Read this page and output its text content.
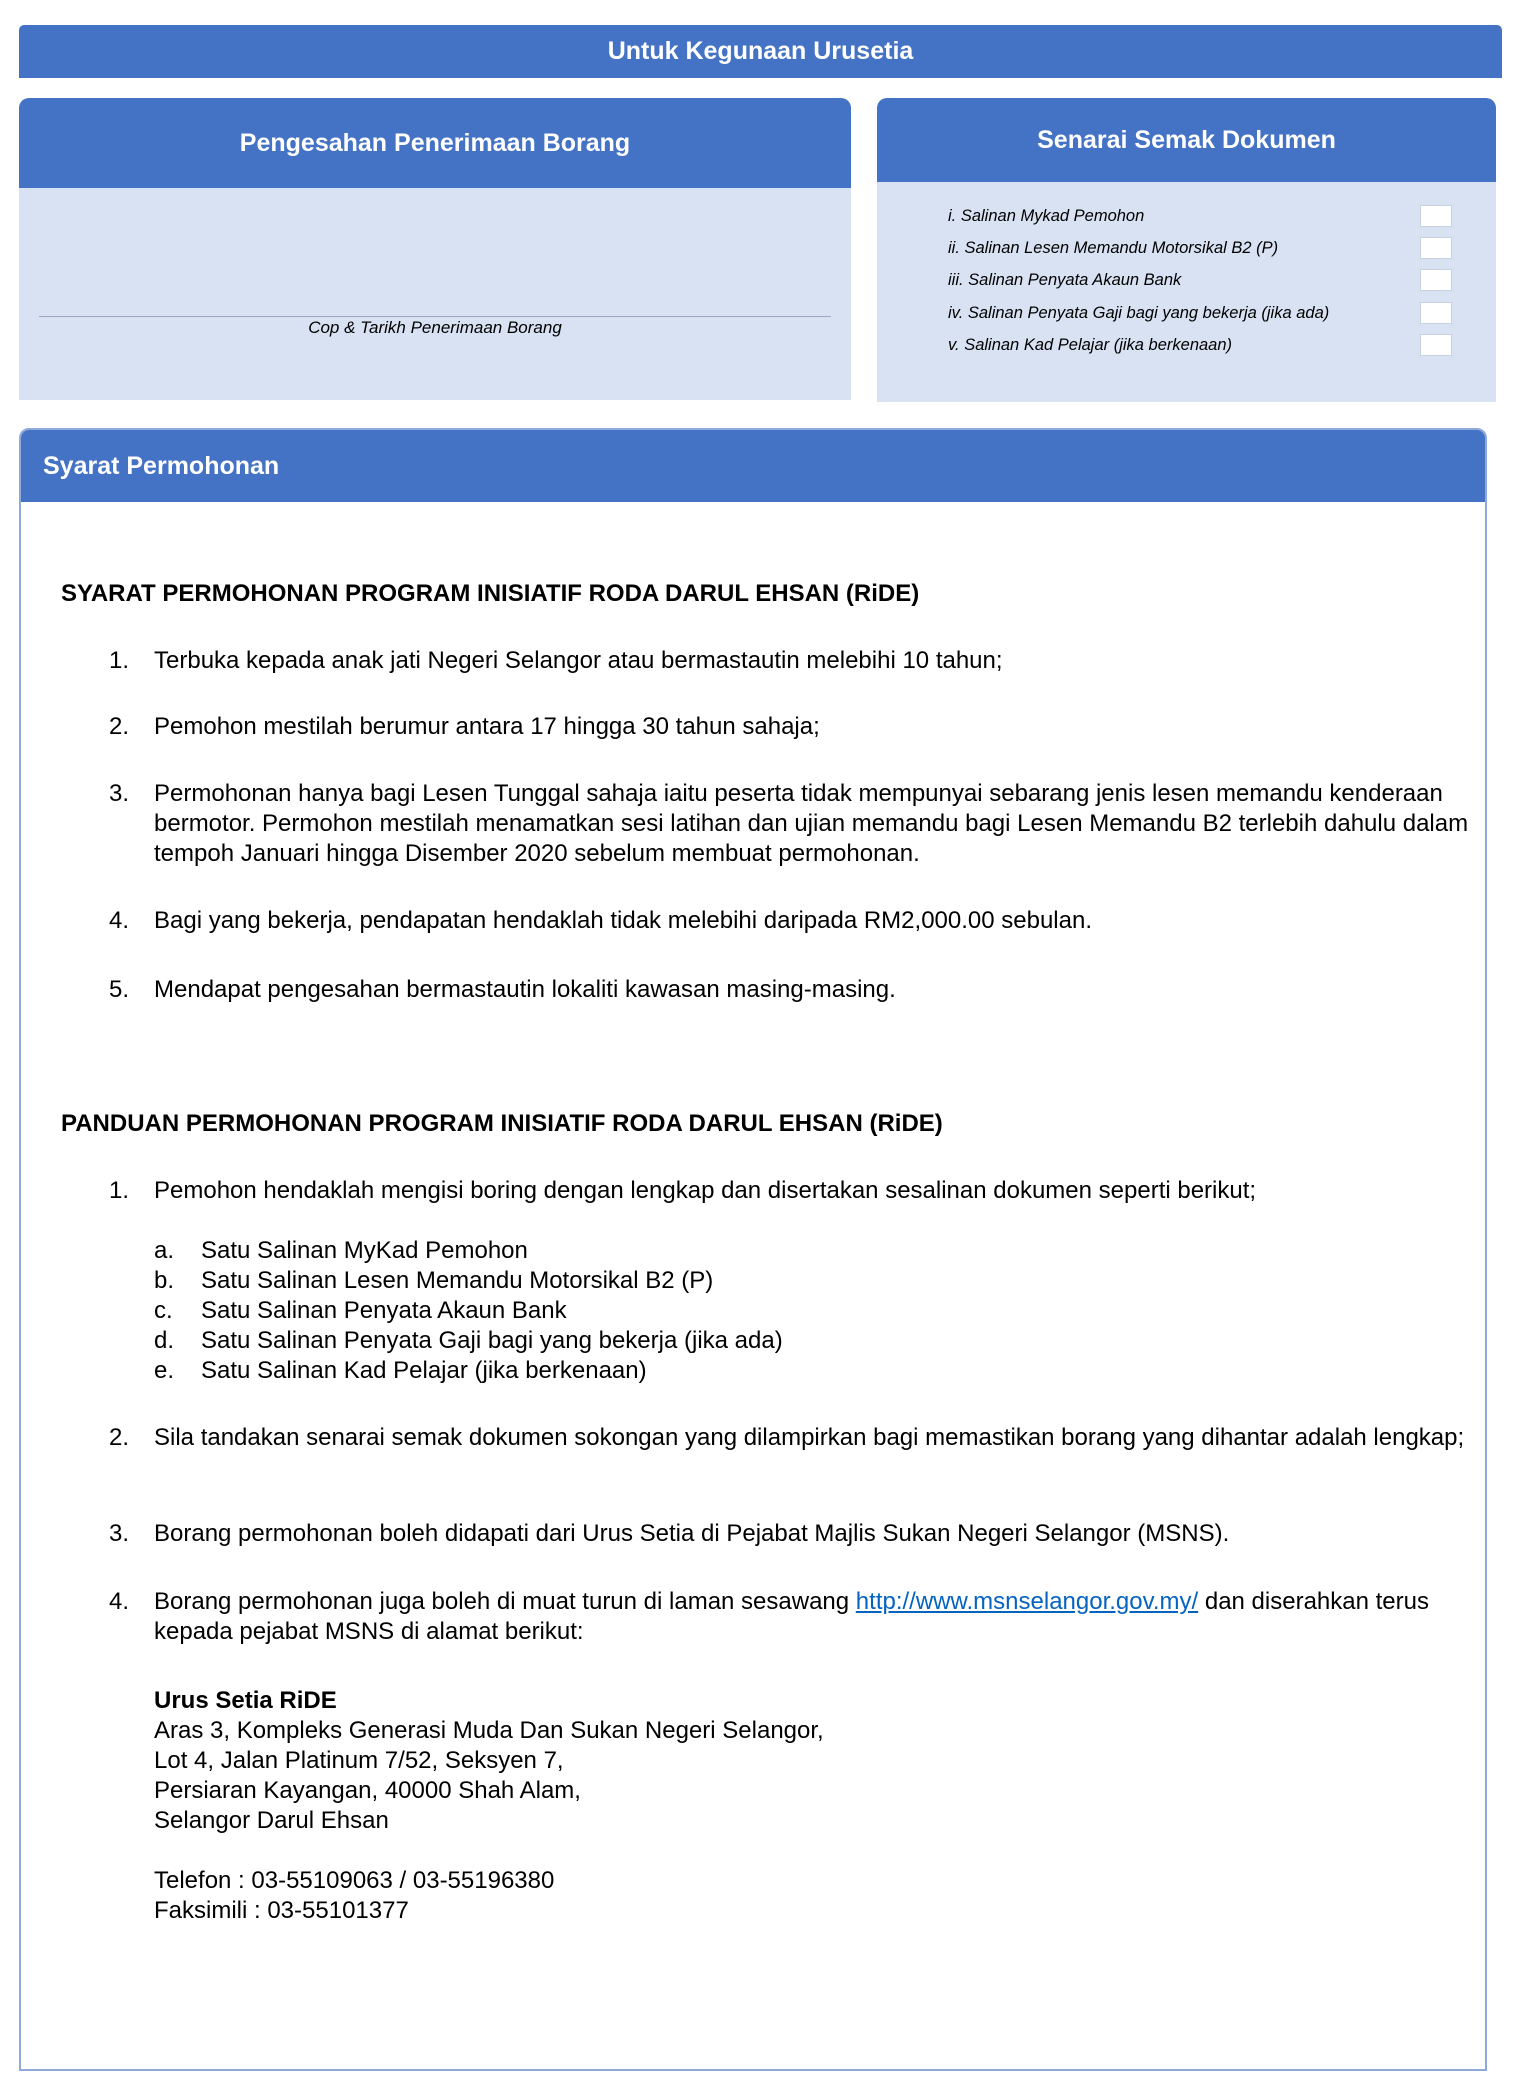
Untuk Kegunaan Urusetia
Pengesahan Penerimaan Borang
Cop & Tarikh Penerimaan Borang
Senarai Semak Dokumen
i. Salinan Mykad Pemohon
ii. Salinan Lesen Memandu Motorsikal B2 (P)
iii. Salinan Penyata Akaun Bank
iv. Salinan Penyata Gaji bagi yang bekerja (jika ada)
v. Salinan Kad Pelajar (jika berkenaan)
Syarat Permohonan
SYARAT PERMOHONAN PROGRAM INISIATIF RODA DARUL EHSAN (RiDE)
1. Terbuka kepada anak jati Negeri Selangor atau bermastautin melebihi 10 tahun;
2. Pemohon mestilah berumur antara 17 hingga 30 tahun sahaja;
3. Permohonan hanya bagi Lesen Tunggal sahaja iaitu peserta tidak mempunyai sebarang jenis lesen memandu kenderaan bermotor. Permohon mestilah menamatkan sesi latihan dan ujian memandu bagi Lesen Memandu B2 terlebih dahulu dalam tempoh Januari hingga Disember 2020 sebelum membuat permohonan.
4. Bagi yang bekerja, pendapatan hendaklah tidak melebihi daripada RM2,000.00 sebulan.
5. Mendapat pengesahan bermastautin lokaliti kawasan masing-masing.
PANDUAN PERMOHONAN PROGRAM INISIATIF RODA DARUL EHSAN (RiDE)
1. Pemohon hendaklah mengisi boring dengan lengkap dan disertakan sesalinan dokumen seperti berikut;
a. Satu Salinan MyKad Pemohon
b. Satu Salinan Lesen Memandu Motorsikal B2 (P)
c. Satu Salinan Penyata Akaun Bank
d. Satu Salinan Penyata Gaji bagi yang bekerja (jika ada)
e. Satu Salinan Kad Pelajar (jika berkenaan)
2. Sila tandakan senarai semak dokumen sokongan yang dilampirkan bagi memastikan borang yang dihantar adalah lengkap;
3. Borang permohonan boleh didapati dari Urus Setia di Pejabat Majlis Sukan Negeri Selangor (MSNS).
4. Borang permohonan juga boleh di muat turun di laman sesawang http://www.msnselangor.gov.my/ dan diserahkan terus kepada pejabat MSNS di alamat berikut:
Urus Setia RiDE
Aras 3, Kompleks Generasi Muda Dan Sukan Negeri Selangor,
Lot 4, Jalan Platinum 7/52, Seksyen 7,
Persiaran Kayangan, 40000 Shah Alam,
Selangor Darul Ehsan
Telefon : 03-55109063 / 03-55196380
Faksimili : 03-55101377
